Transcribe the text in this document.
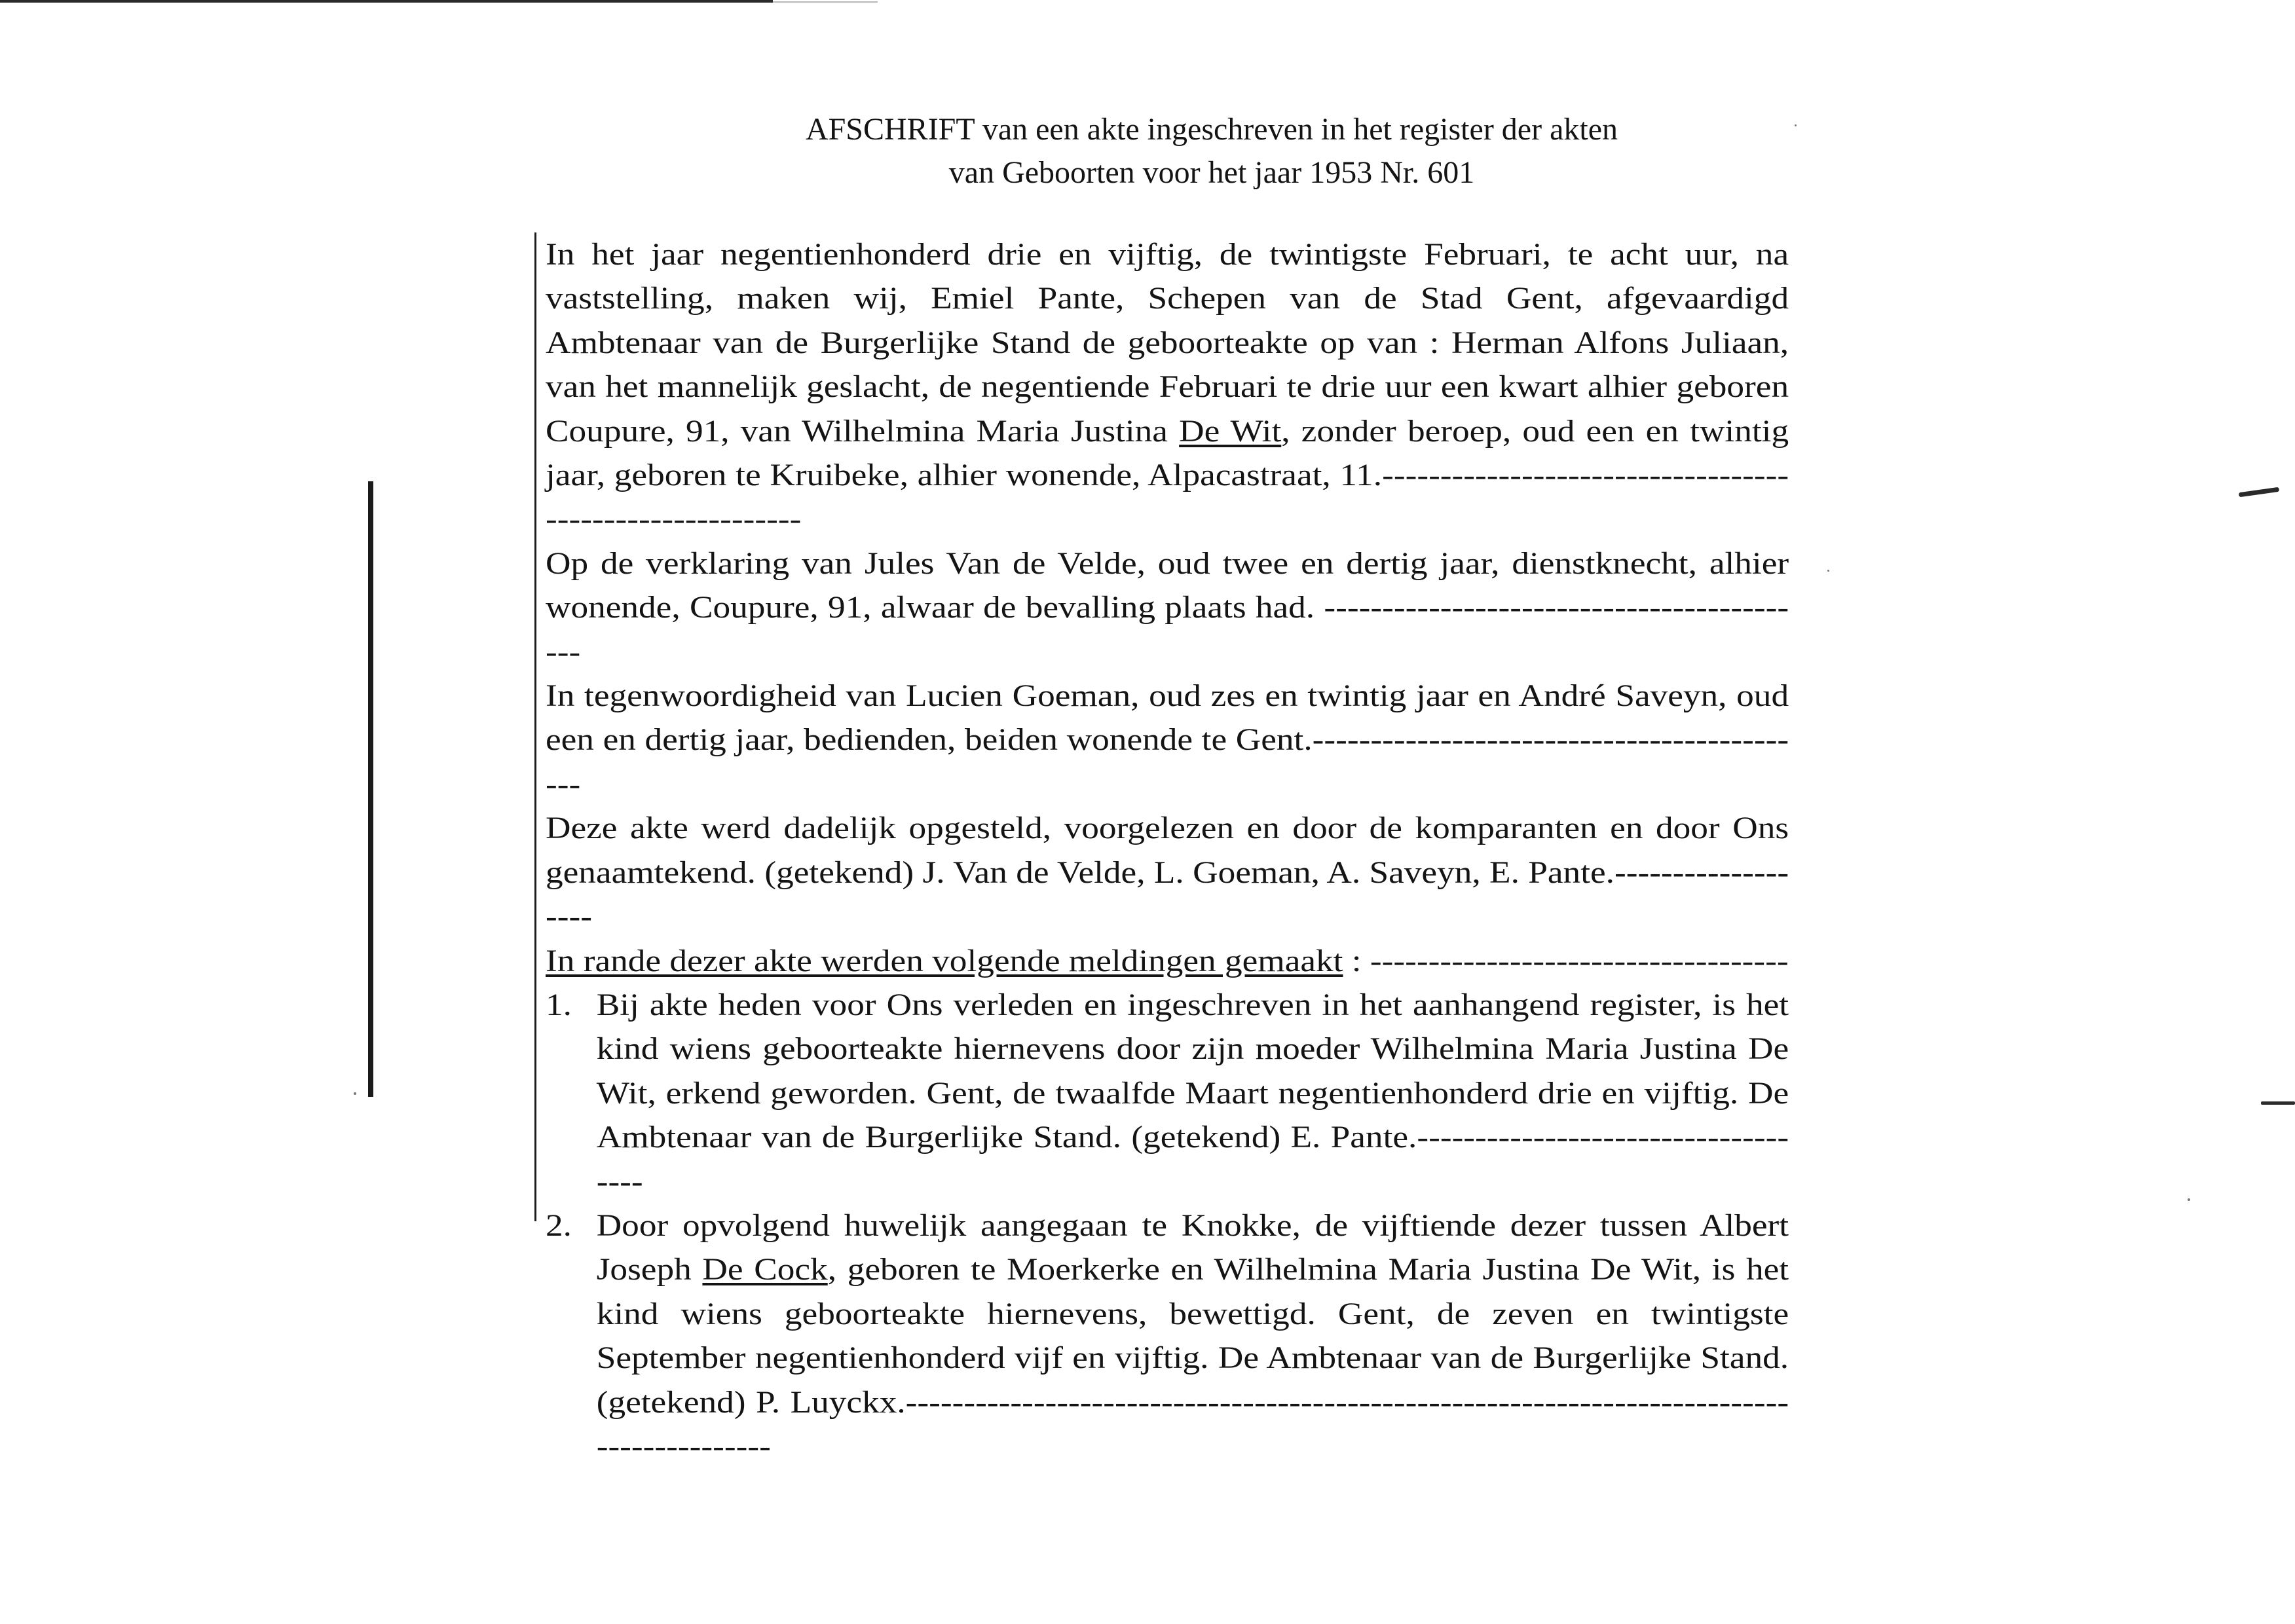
AFSCHRIFT van een akte ingeschreven in het register der akten
van Geboorten voor het jaar 1953 Nr. 601

In het jaar negentienhonderd drie en vijftig, de twintigste Februari, te acht uur, na vaststelling, maken wij, Emiel Pante, Schepen van de Stad Gent, afgevaardigd Ambtenaar van de Burgerlijke Stand de geboorteakte op van : Herman Alfons Juliaan, van het mannelijk geslacht, de negentiende Februari te drie uur een kwart alhier geboren Coupure, 91, van Wilhelmina Maria Justina De Wit, zonder beroep, oud een en twintig jaar, geboren te Kruibeke, alhier wonende, Alpacastraat, 11.---------------------------------------------------------

Op de verklaring van Jules Van de Velde, oud twee en dertig jaar, dienstknecht, alhier wonende, Coupure, 91, alwaar de bevalling plaats had. -------------------------------------------

In tegenwoordigheid van Lucien Goeman, oud zes en twintig jaar en André Saveyn, oud een en dertig jaar, bedienden, beiden wonende te Gent.--------------------------------------------

Deze akte werd dadelijk opgesteld, voorgelezen en door de komparanten en door Ons genaamtekend. (getekend) J. Van de Velde, L. Goeman, A. Saveyn, E. Pante.-------------------

In rande dezer akte werden volgende meldingen gemaakt : ------------------------------------

1. Bij akte heden voor Ons verleden en ingeschreven in het aanhangend register, is het kind wiens geboorteakte hiernevens door zijn moeder Wilhelmina Maria Justina De Wit, erkend geworden. Gent, de twaalfde Maart negentienhonderd drie en vijftig. De Ambtenaar van de Burgerlijke Stand. (getekend) E. Pante.------------------------------------
2. Door opvolgend huwelijk aangegaan te Knokke, de vijftiende dezer tussen Albert Joseph De Cock, geboren te Moerkerke en Wilhelmina Maria Justina De Wit, is het kind wiens geboorteakte hiernevens, bewettigd. Gent, de zeven en twintigste September negentienhonderd vijf en vijftig. De Ambtenaar van de Burgerlijke Stand. (getekend) P. Luyckx.-------------------------------------------------------------------------------------------
